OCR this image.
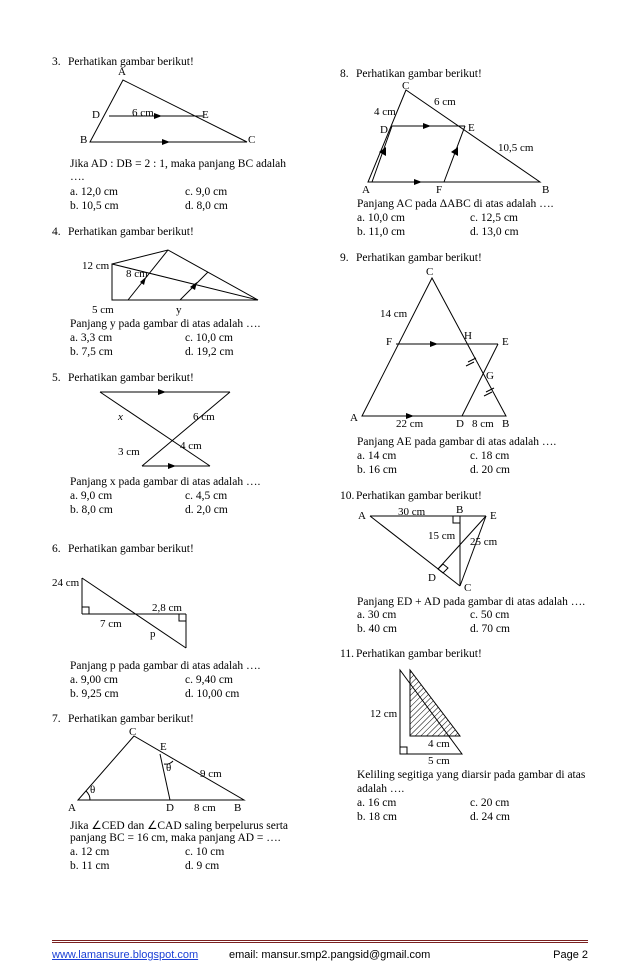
3. Perhatikan gambar berikut!
A
D	6 cm	E
B	C
Jika AD : DB = 2 : 1, maka panjang BC adalah
….
a. 12,0 cm
b. 10,5 cm
c. 9,0 cm
d. 8,0 cm
4. Perhatikan gambar berikut!
12 cm
8 cm
5 cm	y
Panjang y pada gambar di atas adalah ….
a. 3,3 cm
b. 7,5 cm
c. 10,0 cm
d. 19,2 cm
5. Perhatikan gambar berikut!
x	6 cm
3 cm	4 cm
Panjang x pada gambar di atas adalah ….
a. 9,0 cm
b. 8,0 cm
c. 4,5 cm
d. 2,0 cm
6. Perhatikan gambar berikut!
24 cm
2,8 cm
7 cm
p
Panjang p pada gambar di atas adalah ….
a. 9,00 cm
b. 9,25 cm
c. 9,40 cm
d. 10,00 cm
7. Perhatikan gambar berikut!
C
E
θ	9 cm
θ
A	D 8 cm B
Jika ∠CED dan ∠CAD saling berpelurus serta
panjang BC = 16 cm, maka panjang AD = ….
a. 12 cm
b. 11 cm
c. 10 cm
d. 9 cm
8. Perhatikan gambar berikut!
C
6 cm
4 cm
D	E
10,5 cm
A	F	B
Panjang AC pada ΔABC di atas adalah ….
a. 10,0 cm
b. 11,0 cm
c. 12,5 cm
d. 13,0 cm
9. Perhatikan gambar berikut!
C
14 cm
F	H	E
G
A	22 cm	D 8 cm B
Panjang AE pada gambar di atas adalah ….
a. 14 cm
b. 16 cm
c. 18 cm
d. 20 cm
10. Perhatikan gambar berikut!
A	30 cm	B E
15 cm 25 cm
D
C
Panjang ED + AD pada gambar di atas adalah ….
a. 30 cm
b. 40 cm
c. 50 cm
d. 70 cm
11. Perhatikan gambar berikut!
12 cm
4 cm
5 cm
Keliling segitiga yang diarsir pada gambar di atas
adalah ….
a. 16 cm
b. 18 cm
c. 20 cm
d. 24 cm
www.lamansure.blogspot.com	email: mansur.smp2.pangsid@gmail.com	Page 2
